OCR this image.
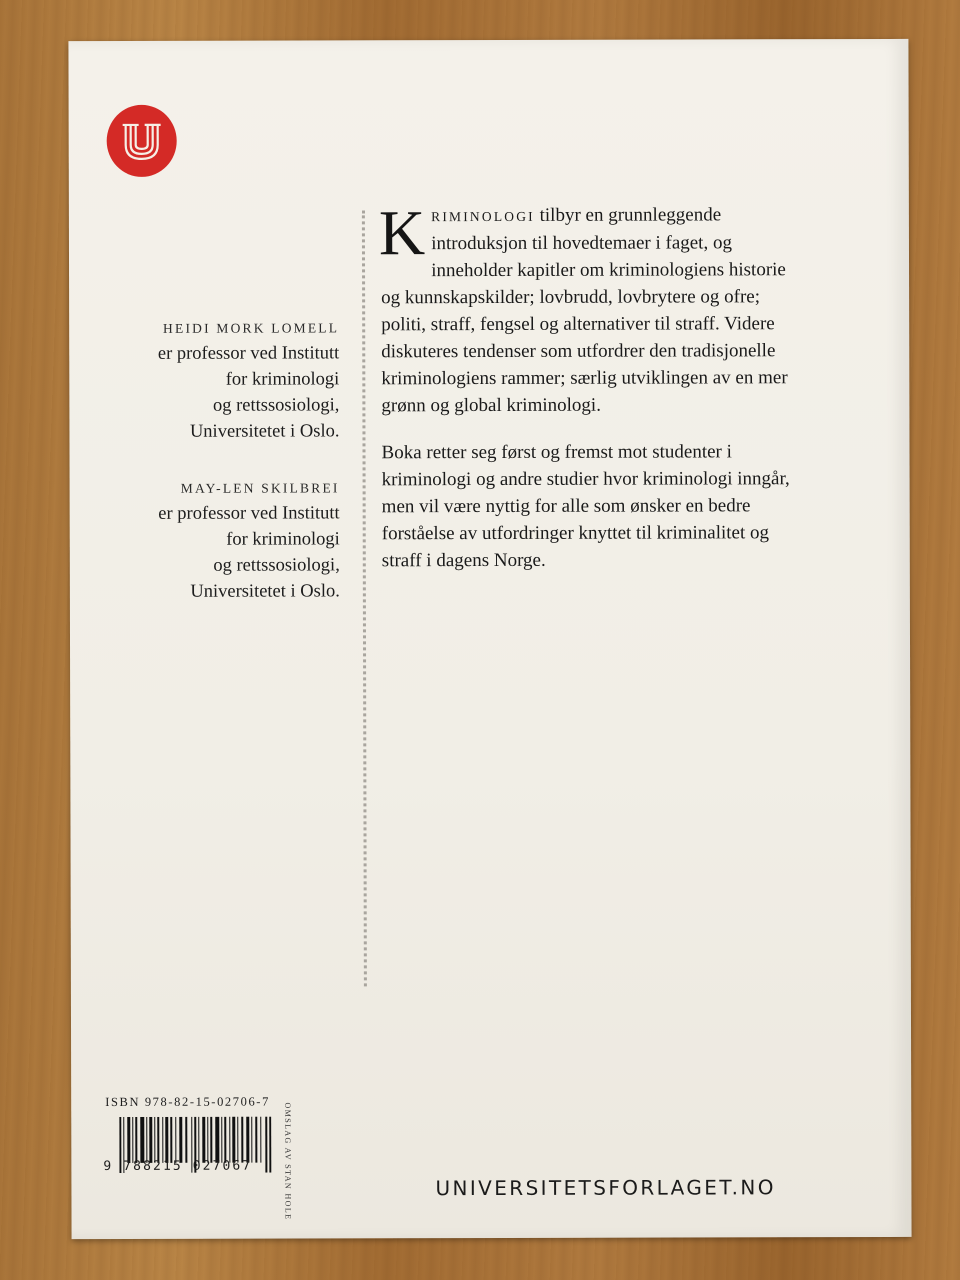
HEIDI MORK LOMELL
er professor ved Institutt
for kriminologi
og rettssosiologi,
Universitetet i Oslo.
MAY-LEN SKILBREI
er professor ved Institutt
for kriminologi
og rettssosiologi,
Universitetet i Oslo.

KRIMINOLOGI tilbyr en grunnleggende introduksjon til hovedtemaer i faget, og inneholder kapitler om kriminologiens historie og kunnskapskilder; lovbrudd, lovbrytere og ofre; politi, straff, fengsel og alternativer til straff. Videre diskuteres tendenser som utfordrer den tradisjonelle kriminologiens rammer; særlig utviklingen av en mer grønn og global kriminologi.

Boka retter seg først og fremst mot studenter i kriminologi og andre studier hvor kriminologi inngår, men vil være nyttig for alle som ønsker en bedre forståelse av utfordringer knyttet til kriminalitet og straff i dagens Norge.

ISBN 978-82-15-02706-7
9 788215 027067	OMSLAG AV STAN HOLE	UNIVERSITETSFORLAGET.NO
